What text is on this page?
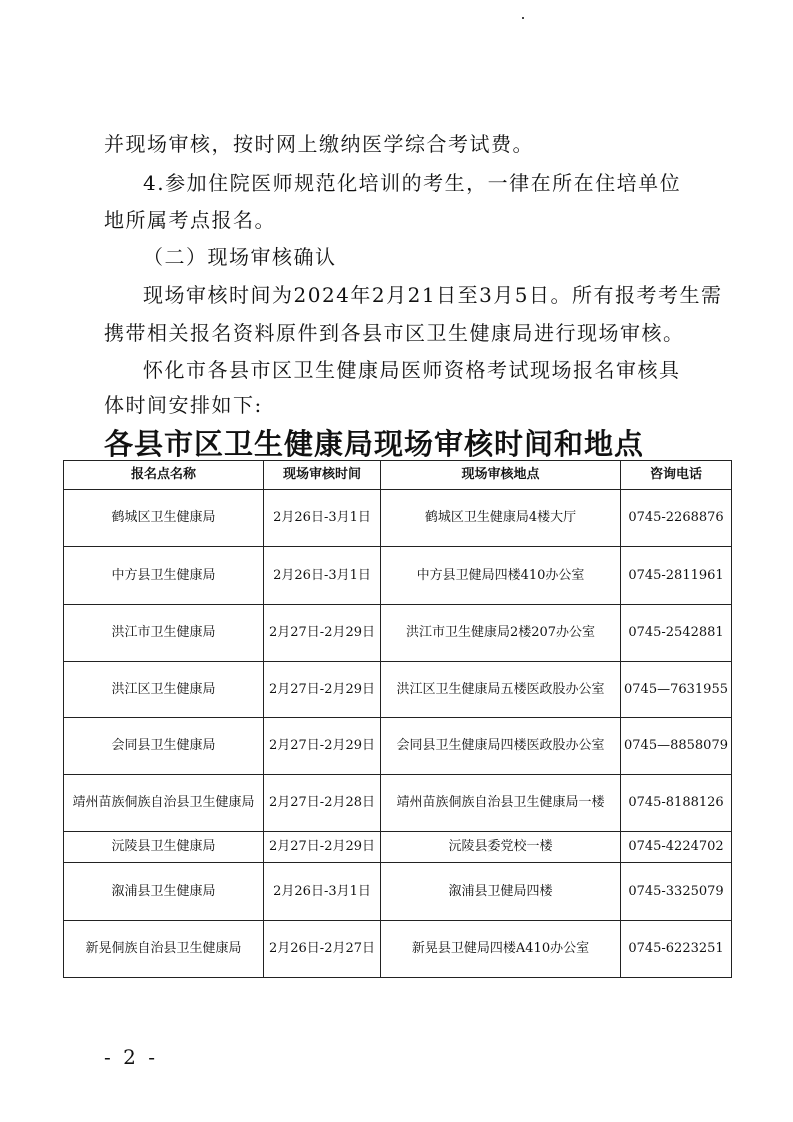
并现场审核，按时网上缴纳医学综合考试费。
4.参加住院医师规范化培训的考生，一律在所在住培单位
地所属考点报名。
（二）现场审核确认
现场审核时间为2024年2月21日至3月5日。所有报考考生需
携带相关报名资料原件到各县市区卫生健康局进行现场审核。
怀化市各县市区卫生健康局医师资格考试现场报名审核具
体时间安排如下:
各县市区卫生健康局现场审核时间和地点
报名点名称	现场审核时间	现场审核地点	咨询电话
鹤城区卫生健康局	2月26日-3月1日	鹤城区卫生健康局4楼大厅	0745-2268876
中方县卫生健康局	2月26日-3月1日	中方县卫健局四楼410办公室	0745-2811961
洪江市卫生健康局	2月27日-2月29日	洪江市卫生健康局2楼207办公室	0745-2542881
洪江区卫生健康局	2月27日-2月29日	洪江区卫生健康局五楼医政股办公室	0745—7631955
会同县卫生健康局	2月27日-2月29日	会同县卫生健康局四楼医政股办公室	0745—8858079
靖州苗族侗族自治县卫生健康局	2月27日-2月28日	靖州苗族侗族自治县卫生健康局一楼	0745-8188126
沅陵县卫生健康局	2月27日-2月29日	沅陵县委党校一楼	0745-4224702
溆浦县卫生健康局	2月26日-3月1日	溆浦县卫健局四楼	0745-3325079
新晃侗族自治县卫生健康局	2月26日-2月27日	新晃县卫健局四楼A410办公室	0745-6223251
- 2 -
